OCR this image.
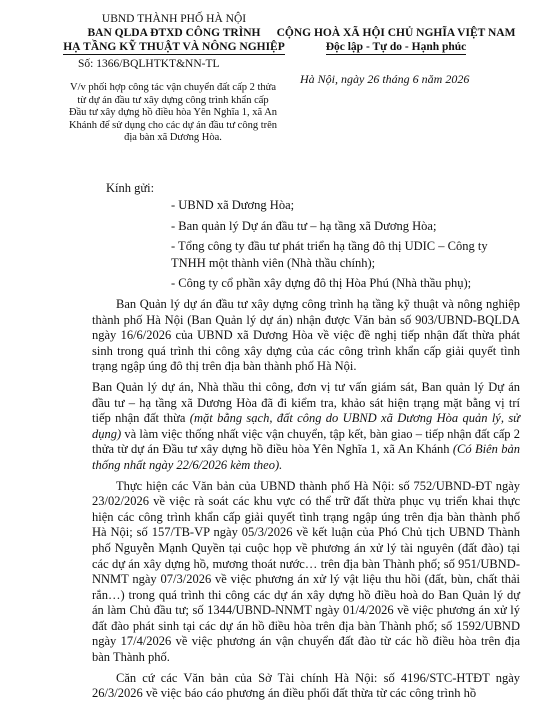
UBND THÀNH PHỐ HÀ NỘI
BAN QLDA ĐTXD CÔNG TRÌNH
HẠ TẦNG KỸ THUẬT VÀ NÔNG NGHIỆP
Số: 1366/BQLHTKT&NN-TL
CỘNG HOÀ XÃ HỘI CHỦ NGHĨA VIỆT NAM
Độc lập - Tự do - Hạnh phúc
Hà Nội, ngày 26 tháng 6 năm 2026
V/v phối hợp công tác vận chuyển đất cấp 2 thửa từ dự án đầu tư xây dựng công trình khẩn cấp Đầu tư xây dựng hồ điều hòa Yên Nghĩa 1, xã An Khánh để sử dụng cho các dự án đầu tư công trên địa bàn xã Dương Hòa.
Kính gửi:
- UBND xã Dương Hòa;
- Ban quản lý Dự án đầu tư – hạ tầng xã Dương Hòa;
- Tổng công ty đầu tư phát triển hạ tầng đô thị UDIC – Công ty TNHH một thành viên (Nhà thầu chính);
- Công ty cổ phần xây dựng đô thị Hòa Phú (Nhà thầu phụ);

Ban Quản lý dự án đầu tư xây dựng công trình hạ tầng kỹ thuật và nông nghiệp thành phố Hà Nội (Ban Quản lý dự án) nhận được Văn bản số 903/UBND-BQLDA ngày 16/6/2026 của UBND xã Dương Hòa về việc đề nghị tiếp nhận đất thừa phát sinh trong quá trình thi công xây dựng của các công trình khẩn cấp giải quyết tình trạng ngập úng đô thị trên địa bàn thành phố Hà Nội.

Ban Quản lý dự án, Nhà thầu thi công, đơn vị tư vấn giám sát, Ban quản lý Dự án đầu tư – hạ tầng xã Dương Hòa đã đi kiểm tra, khảo sát hiện trạng mặt bằng vị trí tiếp nhận đất thừa (mặt bằng sạch, đất công do UBND xã Dương Hòa quản lý, sử dụng) và làm việc thống nhất việc vận chuyển, tập kết, bàn giao – tiếp nhận đất cấp 2 thửa từ dự án Đầu tư xây dựng hồ điều hòa Yên Nghĩa 1, xã An Khánh (Có Biên bản thống nhất ngày 22/6/2026 kèm theo).

Thực hiện các Văn bản của UBND thành phố Hà Nội: số 752/UBND-ĐT ngày 23/02/2026 về việc rà soát các khu vực có thể trữ đất thừa phục vụ triển khai thực hiện các công trình khẩn cấp giải quyết tình trạng ngập úng trên địa bàn thành phố Hà Nội; số 157/TB-VP ngày 05/3/2026 về kết luận của Phó Chủ tịch UBND Thành phố Nguyễn Mạnh Quyền tại cuộc họp về phương án xử lý tài nguyên (đất đào) tại các dự án xây dựng hồ, mương thoát nước… trên địa bàn Thành phố; số 951/UBND-NNMT ngày 07/3/2026 về việc phương án xử lý vật liệu thu hồi (đất, bùn, chất thải rắn…) trong quá trình thi công các dự án xây dựng hồ điều hoà do Ban Quản lý dự án làm Chủ đầu tư; số 1344/UBND-NNMT ngày 01/4/2026 về việc phương án xử lý đất đào phát sinh tại các dự án hồ điều hòa trên địa bàn Thành phố; số 1592/UBND ngày 17/4/2026 về việc phương án vận chuyển đất đào từ các hồ điều hòa trên địa bàn Thành phố.

Căn cứ các Văn bản của Sở Tài chính Hà Nội: số 4196/STC-HTĐT ngày 26/3/2026 về việc báo cáo phương án điều phối đất thừa từ các công trình hồ
